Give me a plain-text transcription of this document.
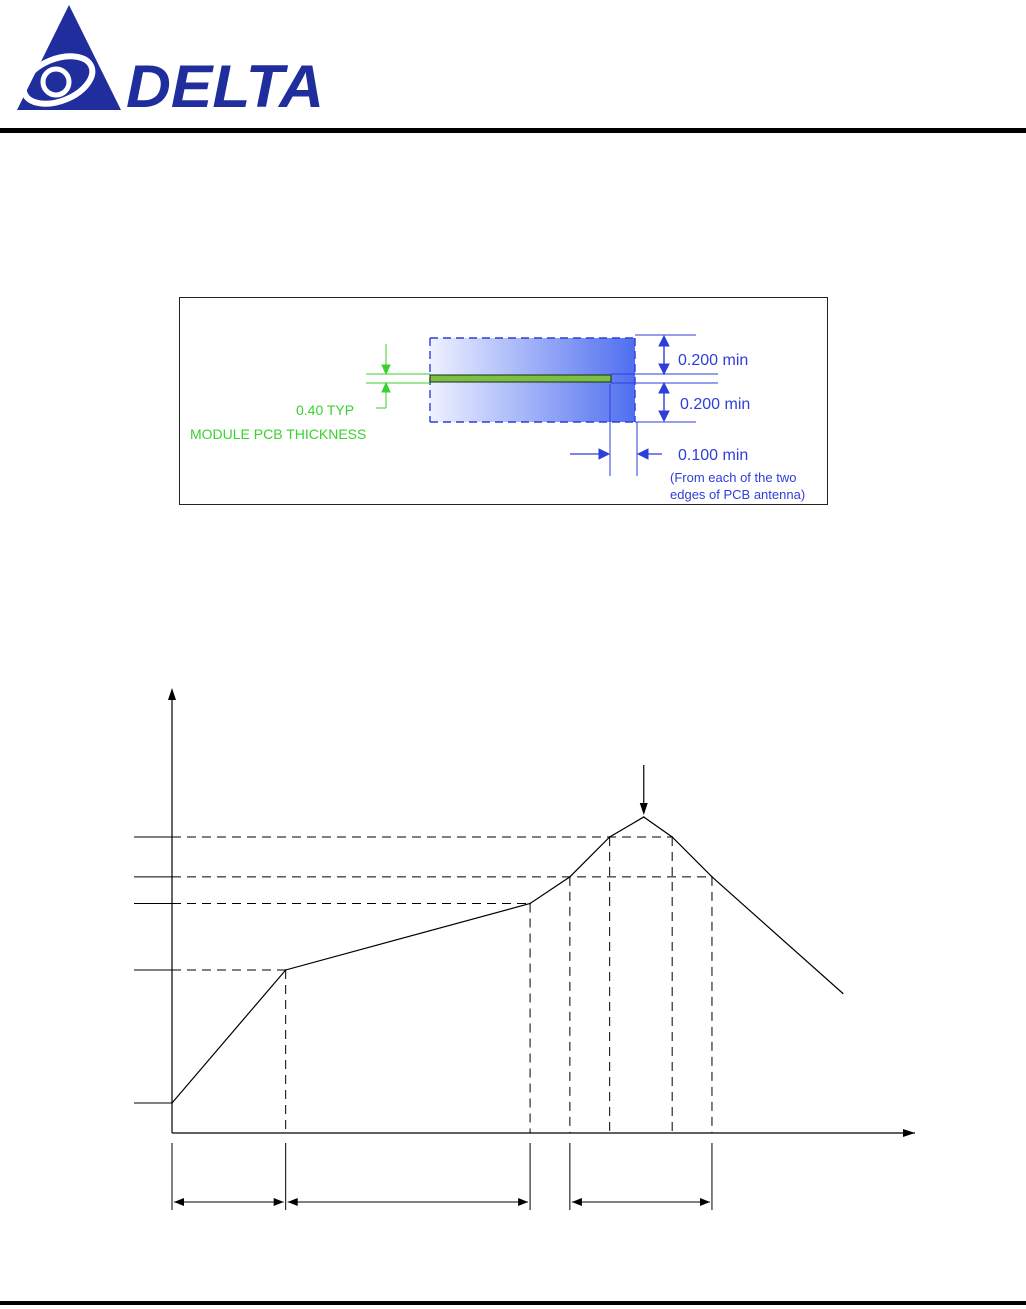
DELTA
0.200 min
0.200 min
0.100 min
(From each of the two
edges of PCB antenna)
0.40 TYP
MODULE PCB THICKNESS
